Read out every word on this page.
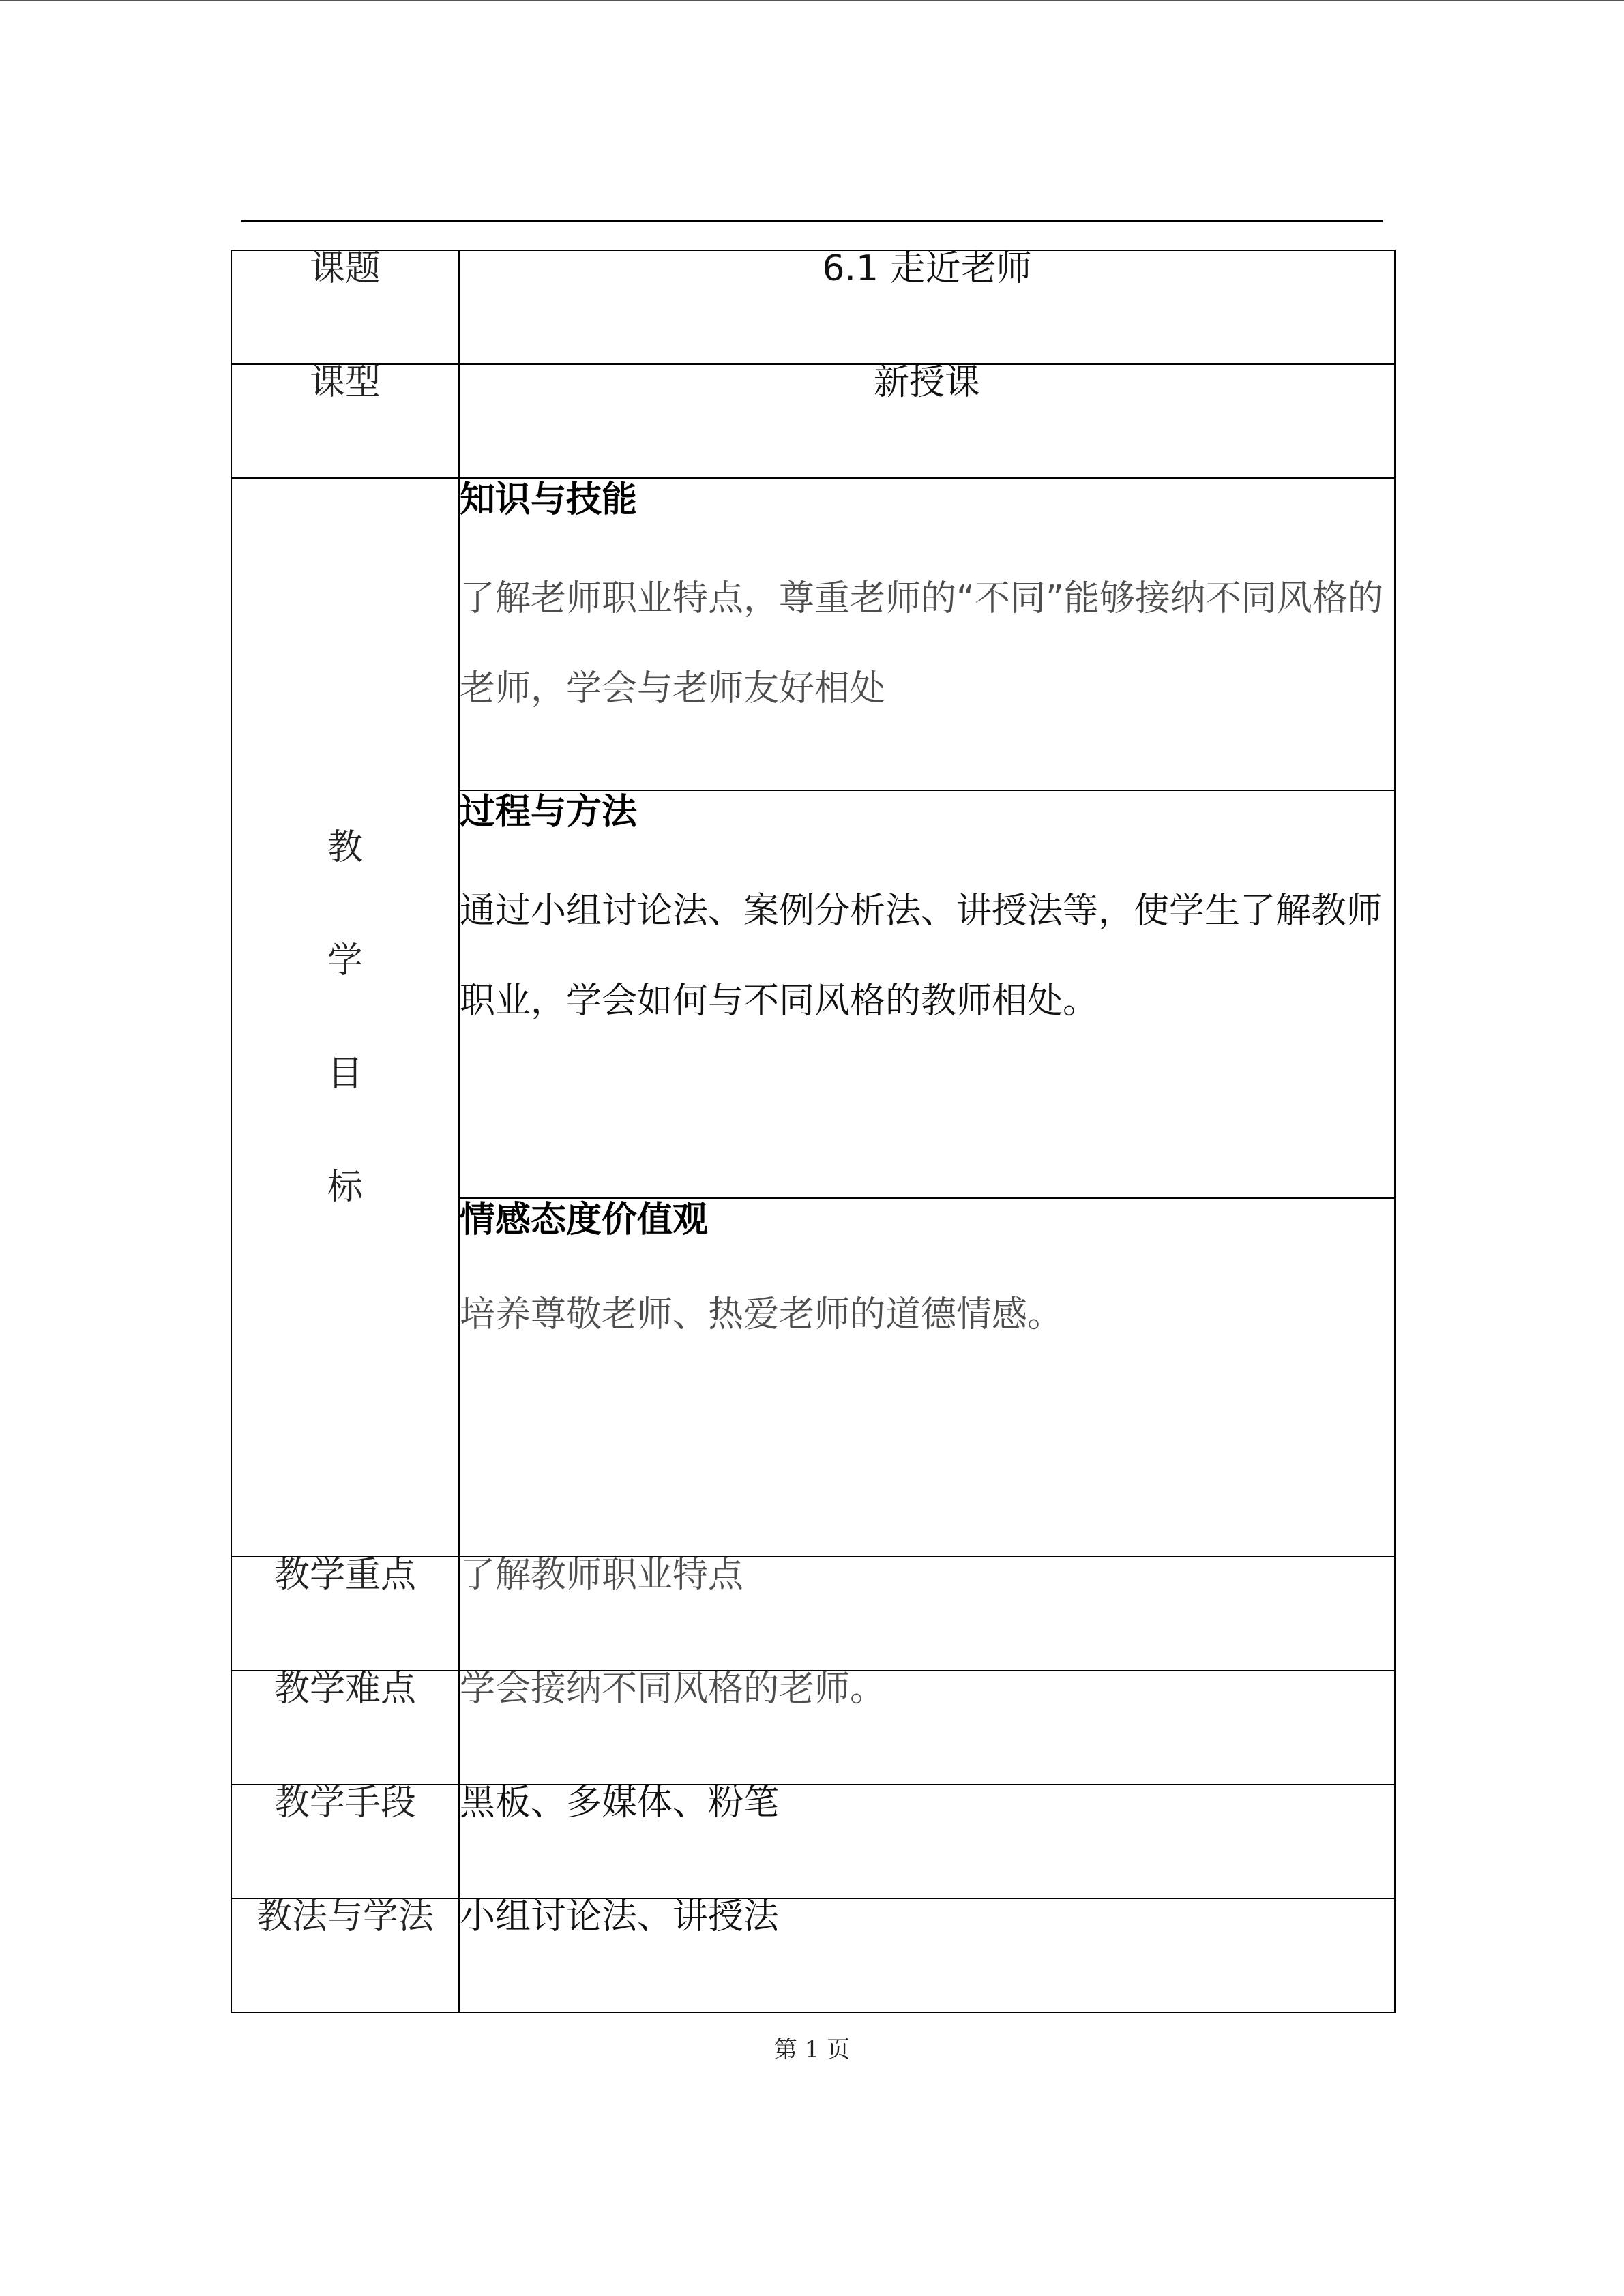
课题	6.1 走近老师
课型	新授课

教
学
目
标	知识与技能
了解老师职业特点，尊重老师的“不同”能够接纳不同风格的老师，学会与老师友好相处

	过程与方法
通过小组讨论法、案例分析法、讲授法等，使学生了解教师职业，学会如何与不同风格的教师相处。

	情感态度价值观
培养尊敬老师、热爱老师的道德情感。

教学重点	了解教师职业特点
教学难点	学会接纳不同风格的老师。
教学手段	黑板、多媒体、粉笔
教法与学法	小组讨论法、讲授法
第 1 页
